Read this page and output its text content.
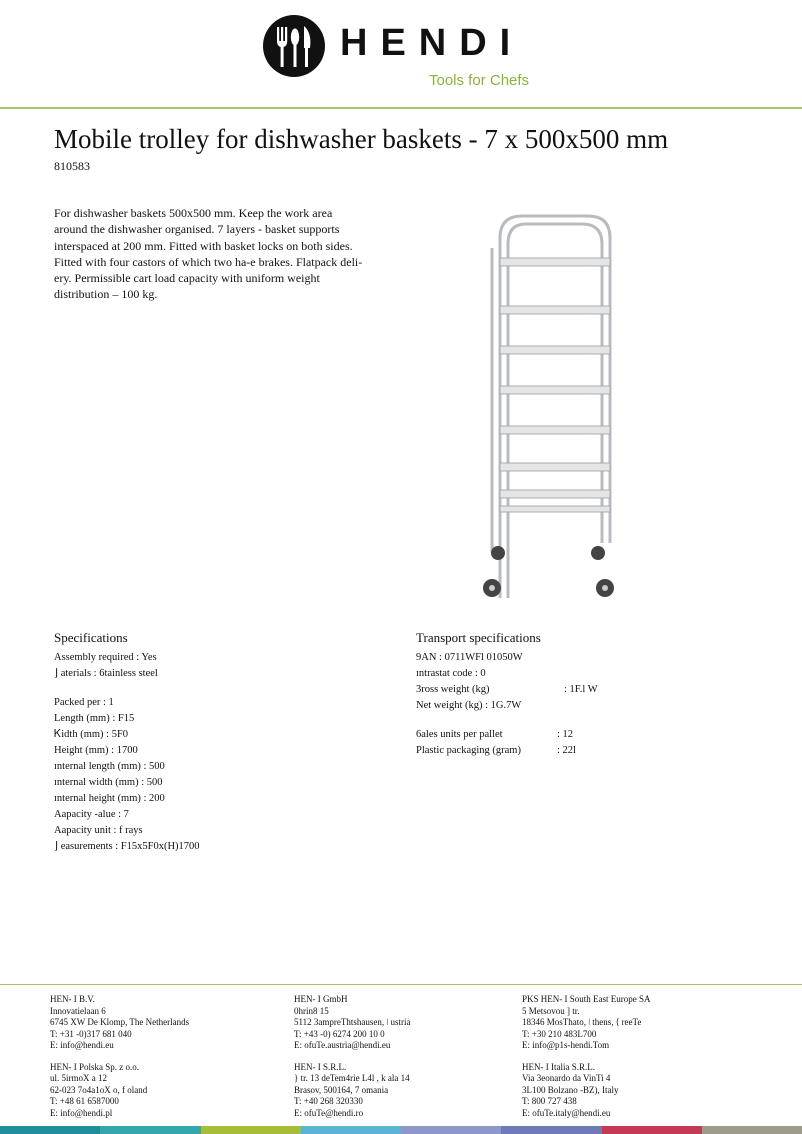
HENDI
Tools for Chefs
Mobile trolley for dishwasher baskets - 7 x 500x500 mm
810583

For dishwasher baskets 500x500 mm. Keep the work area around the dishwasher organised. 7 layers - basket supports interspaced at 200 mm. Fitted with basket locks on both sides. Fitted with four castors of which two ha-e brakes. Flatpack deli-ery. Permissible cart load capacity with uniform weight distribution – 100 kg.

Specifications
Assembly required : Yes
⌋ aterials : 6tainless steel
Packed per : 1
Length (mm) : F15
Ꮶidth (mm) : 5F0
Height (mm) : 1700
ɪnternal length (mm) : 500
ɪnternal width (mm) : 500
ɪnternal height (mm) : 200
Aapacity -alue : 7
Aapacity unit : f rays
⌋ easurements : F15x5F0x(H)1700
Transport specifications
9AN : 0711WFl 01050W
ɪntrastat code : 0
3ross weight (kg)	: 1F.l W
Net weight (kg) : 1G.7W
6ales units per pallet	: 12
Plastic packaging (gram)	: 22l
HEN- I B.V.
Innovatielaan 6
6745 XW De Klomp, The Netherlands
T: +31 -0)317 681 040
E: info@hendi.eu
HEN- I Polska Sp. z o.o.
ul. 5irmoX a 12
62-023 7o4a1oX o, f oland
T: +48 61 6587000
E: info@hendi.pl
HEN- I GmbH
0hrin8 15
5112 3ampreThtshausen, ǀ ustria
T: +43 -0) 6274 200 10 0
E: ofuTe.austria@hendi.eu
HEN- I S.R.L.
} tr. 13 deTem4rie L4l , k ala 14
Brasov, 500164, 7 omania
T: +40 268 320330
E: ofuTe@hendi.ro
PKS HEN- I South East Europe SA
5 Metsovou ] tr.
18346 MosThato, ǀ thens, ⟨ reeTe
T: +30 210 483L700
E: info@p1s-hendi.Tom
HEN- I Italia S.R.L.
Via 3eonardo da VinTi 4
3L100 Bolzano -BZ), Italy
T: 800 727 438
E: ofuTe.italy@hendi.eu
